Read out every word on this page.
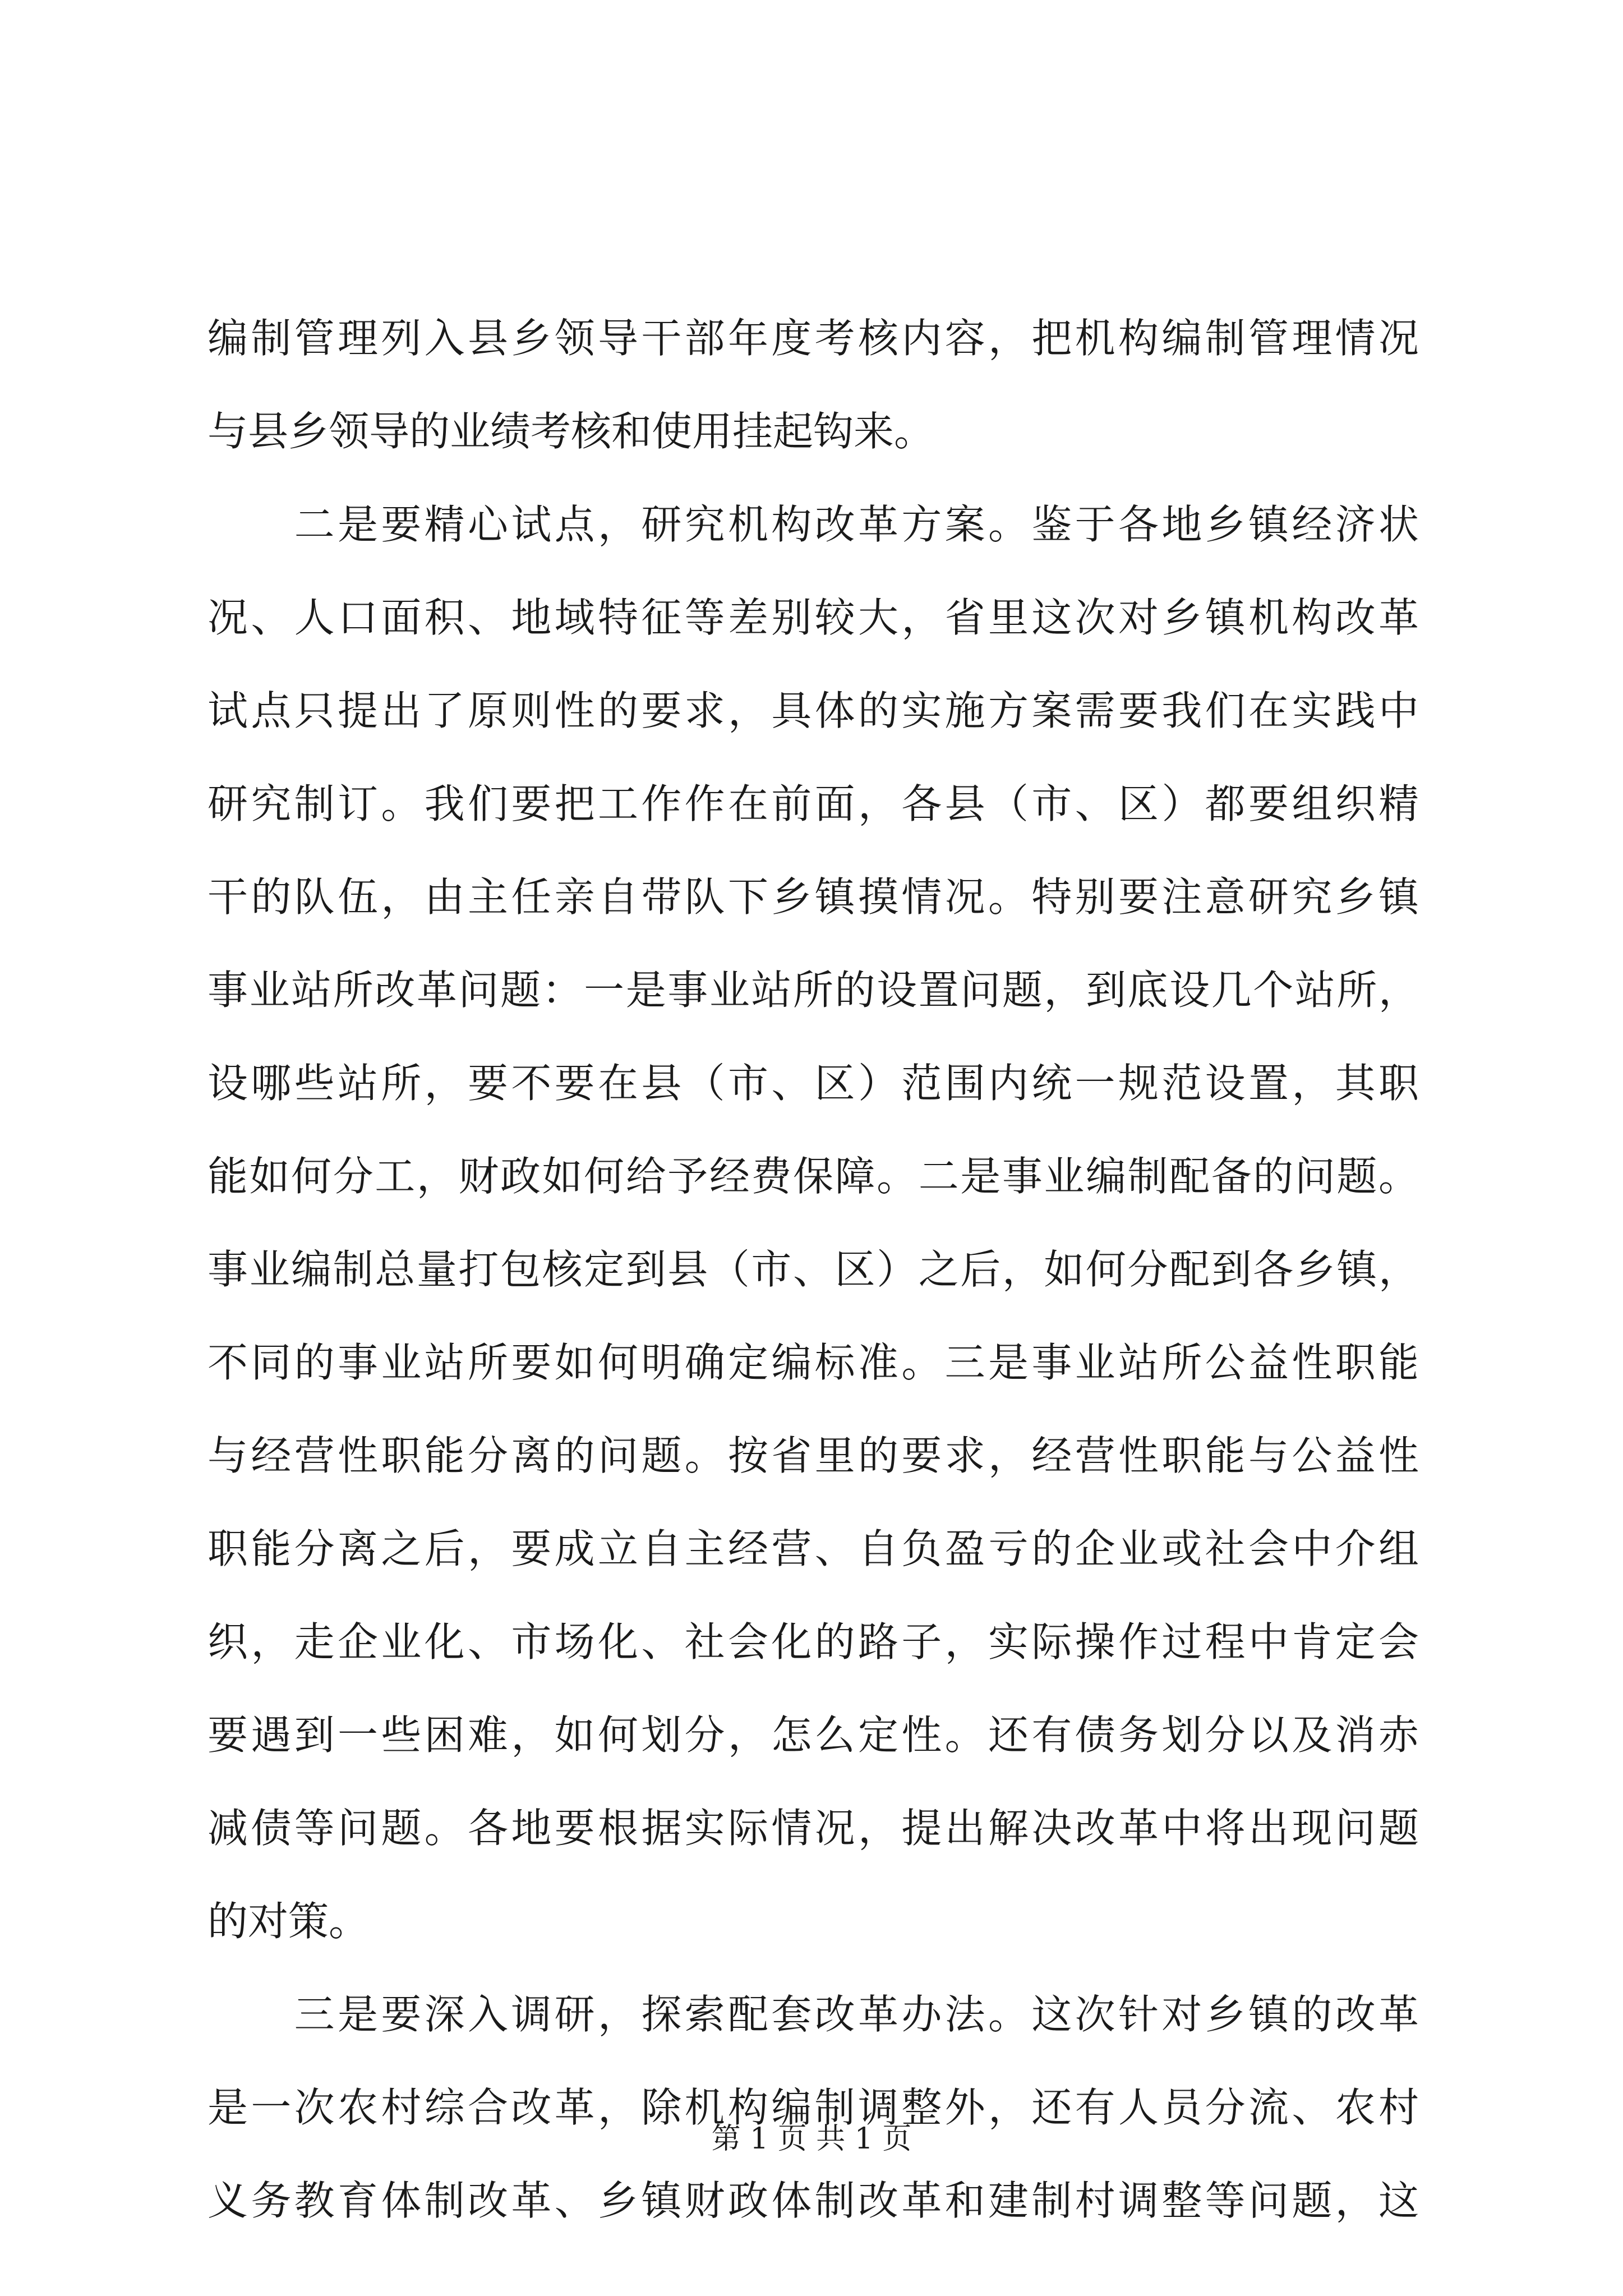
编制管理列入县乡领导干部年度考核内容，把机构编制管理情况
与县乡领导的业绩考核和使用挂起钩来。
　　二是要精心试点，研究机构改革方案。鉴于各地乡镇经济状
况、人口面积、地域特征等差别较大，省里这次对乡镇机构改革
试点只提出了原则性的要求，具体的实施方案需要我们在实践中
研究制订。我们要把工作作在前面，各县（市、区）都要组织精
干的队伍，由主任亲自带队下乡镇摸情况。特别要注意研究乡镇
事业站所改革问题：一是事业站所的设置问题，到底设几个站所，
设哪些站所，要不要在县（市、区）范围内统一规范设置，其职
能如何分工，财政如何给予经费保障。二是事业编制配备的问题。
事业编制总量打包核定到县（市、区）之后，如何分配到各乡镇，
不同的事业站所要如何明确定编标准。三是事业站所公益性职能
与经营性职能分离的问题。按省里的要求，经营性职能与公益性
职能分离之后，要成立自主经营、自负盈亏的企业或社会中介组
织，走企业化、市场化、社会化的路子，实际操作过程中肯定会
要遇到一些困难，如何划分，怎么定性。还有债务划分以及消赤
减债等问题。各地要根据实际情况，提出解决改革中将出现问题
的对策。
　　三是要深入调研，探索配套改革办法。这次针对乡镇的改革
是一次农村综合改革，除机构编制调整外，还有人员分流、农村
义务教育体制改革、乡镇财政体制改革和建制村调整等问题，这
第 1 页 共 1 页
